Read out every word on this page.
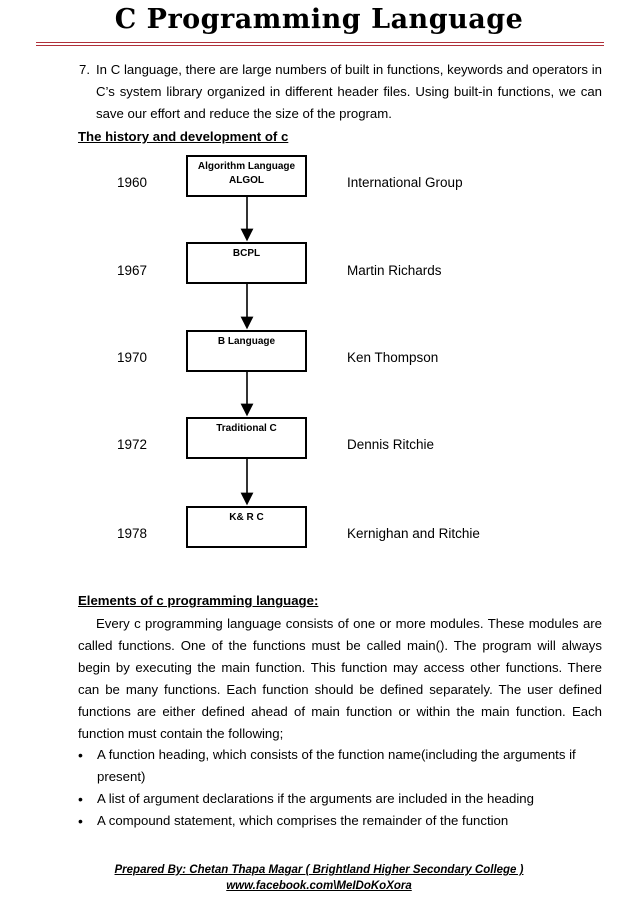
C Programming Language
7. In C language, there are large numbers of built in functions, keywords and operators in C’s system library organized in different header files. Using built-in functions, we can save our effort and reduce the size of the program.
The history and development of c
1960
Algorithm Language
ALGOL	International Group
1967
BCPL
Martin Richards
1970
B Language
Ken Thompson
1972
Traditional C
Dennis Ritchie
1978
K& R C
Kernighan and Ritchie
Elements of c programming language:
Every c programming language consists of one or more modules. These modules are called functions. One of the functions must be called main(). The program will always begin by executing the main function. This function may access other functions. There can be many functions. Each function should be defined separately. The user defined functions are either defined ahead of main function or within the main function. Each function must contain the following;
• A function heading, which consists of the function name(including the arguments if present)
• A list of argument declarations if the arguments are included in the heading
• A compound statement, which comprises the remainder of the function
Prepared By: Chetan Thapa Magar ( Brightland Higher Secondary College )
www.facebook.com\MeIDoKoXora
